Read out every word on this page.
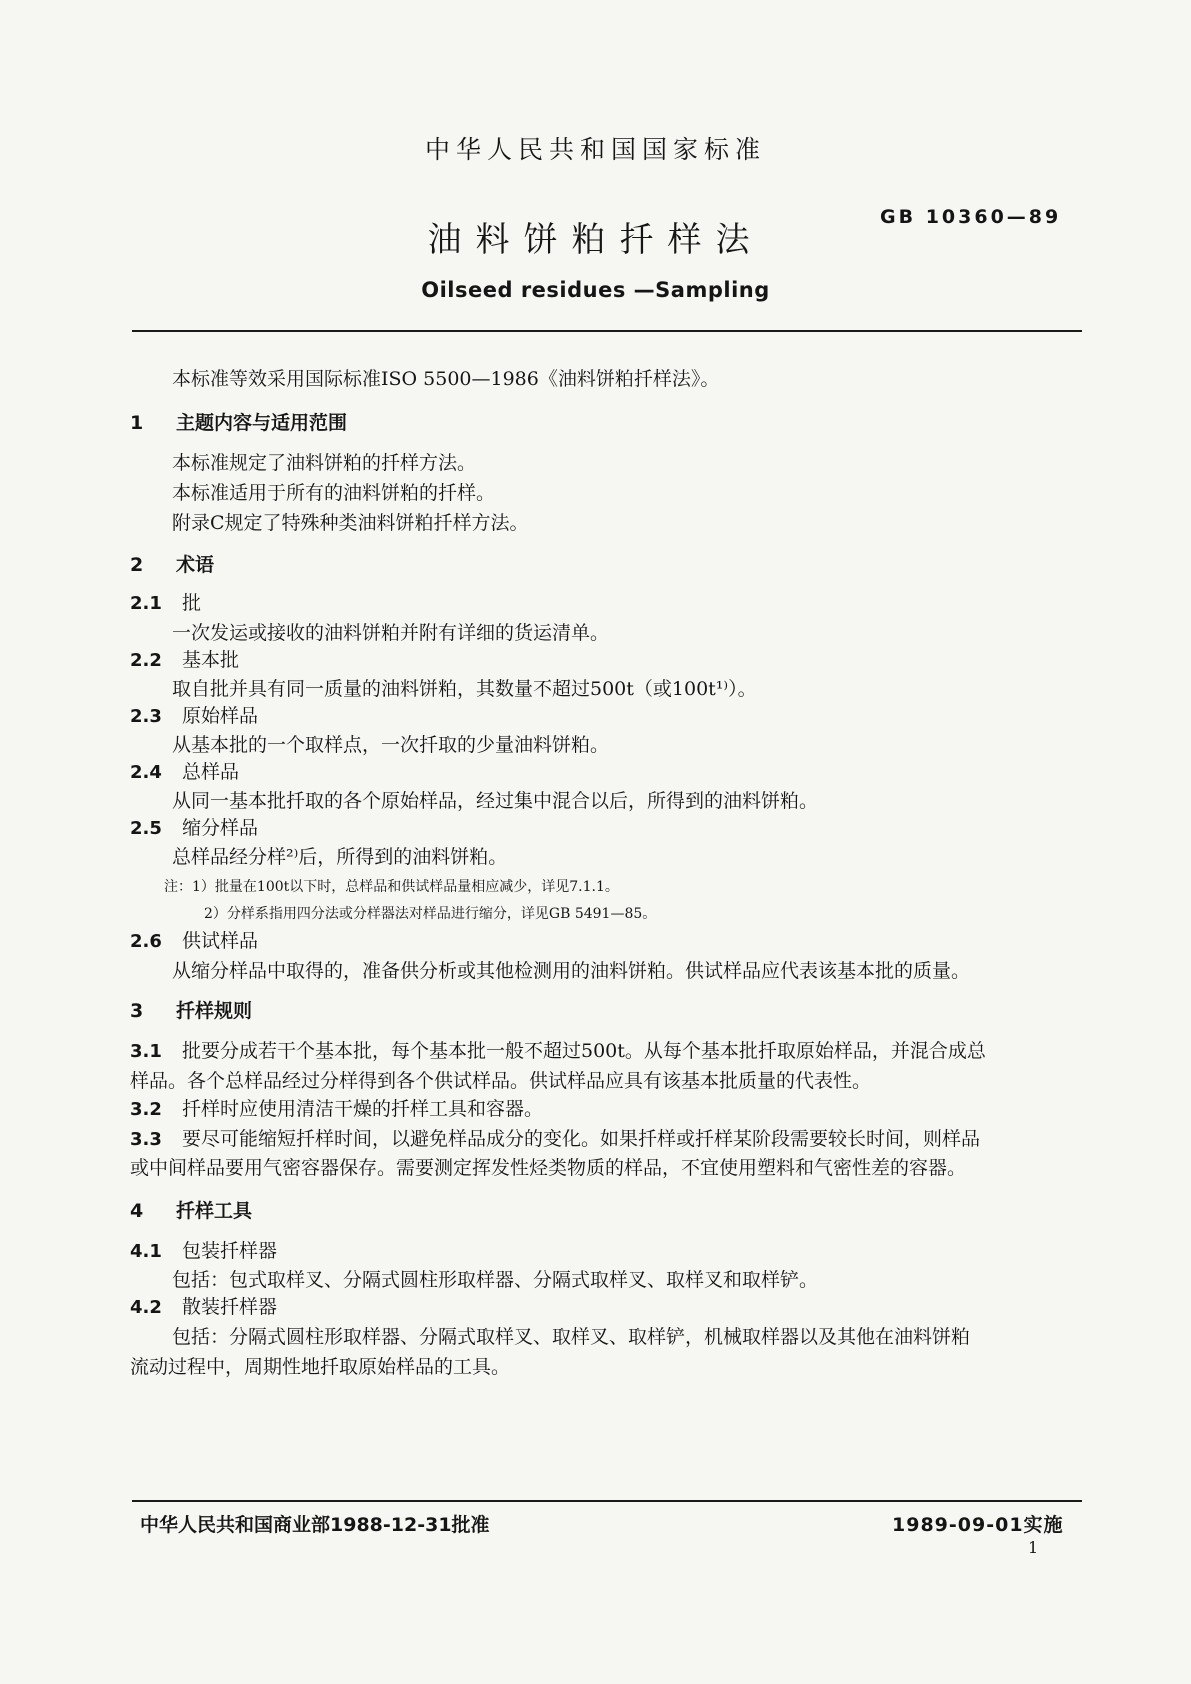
中华人民共和国国家标准
油料饼粕扦样法
GB 10360—89
Oilseed residues —Sampling
本标准等效采用国际标准ISO 5500—1986《油料饼粕扦样法》。
1 主题内容与适用范围
本标准规定了油料饼粕的扦样方法。
本标准适用于所有的油料饼粕的扦样。
附录C规定了特殊种类油料饼粕扦样方法。
2 术语
2.1 批
一次发运或接收的油料饼粕并附有详细的货运清单。
2.2 基本批
取自批并具有同一质量的油料饼粕，其数量不超过500t（或100t¹⁾）。
2.3 原始样品
从基本批的一个取样点，一次扦取的少量油料饼粕。
2.4 总样品
从同一基本批扦取的各个原始样品，经过集中混合以后，所得到的油料饼粕。
2.5 缩分样品
总样品经分样²⁾后，所得到的油料饼粕。
注：1）批量在100t以下时，总样品和供试样品量相应减少，详见7.1.1。
2）分样系指用四分法或分样器法对样品进行缩分，详见GB 5491—85。
2.6 供试样品
从缩分样品中取得的，准备供分析或其他检测用的油料饼粕。供试样品应代表该基本批的质量。
3 扦样规则
3.1 批要分成若干个基本批，每个基本批一般不超过500t。从每个基本批扦取原始样品，并混合成总
样品。各个总样品经过分样得到各个供试样品。供试样品应具有该基本批质量的代表性。
3.2 扦样时应使用清洁干燥的扦样工具和容器。
3.3 要尽可能缩短扦样时间，以避免样品成分的变化。如果扦样或扦样某阶段需要较长时间，则样品
或中间样品要用气密容器保存。需要测定挥发性烃类物质的样品，不宜使用塑料和气密性差的容器。
4 扦样工具
4.1 包装扦样器
包括：包式取样叉、分隔式圆柱形取样器、分隔式取样叉、取样叉和取样铲。
4.2 散装扦样器
包括：分隔式圆柱形取样器、分隔式取样叉、取样叉、取样铲，机械取样器以及其他在油料饼粕
流动过程中，周期性地扦取原始样品的工具。
中华人民共和国商业部1988-12-31批准	1989-09-01实施
1
